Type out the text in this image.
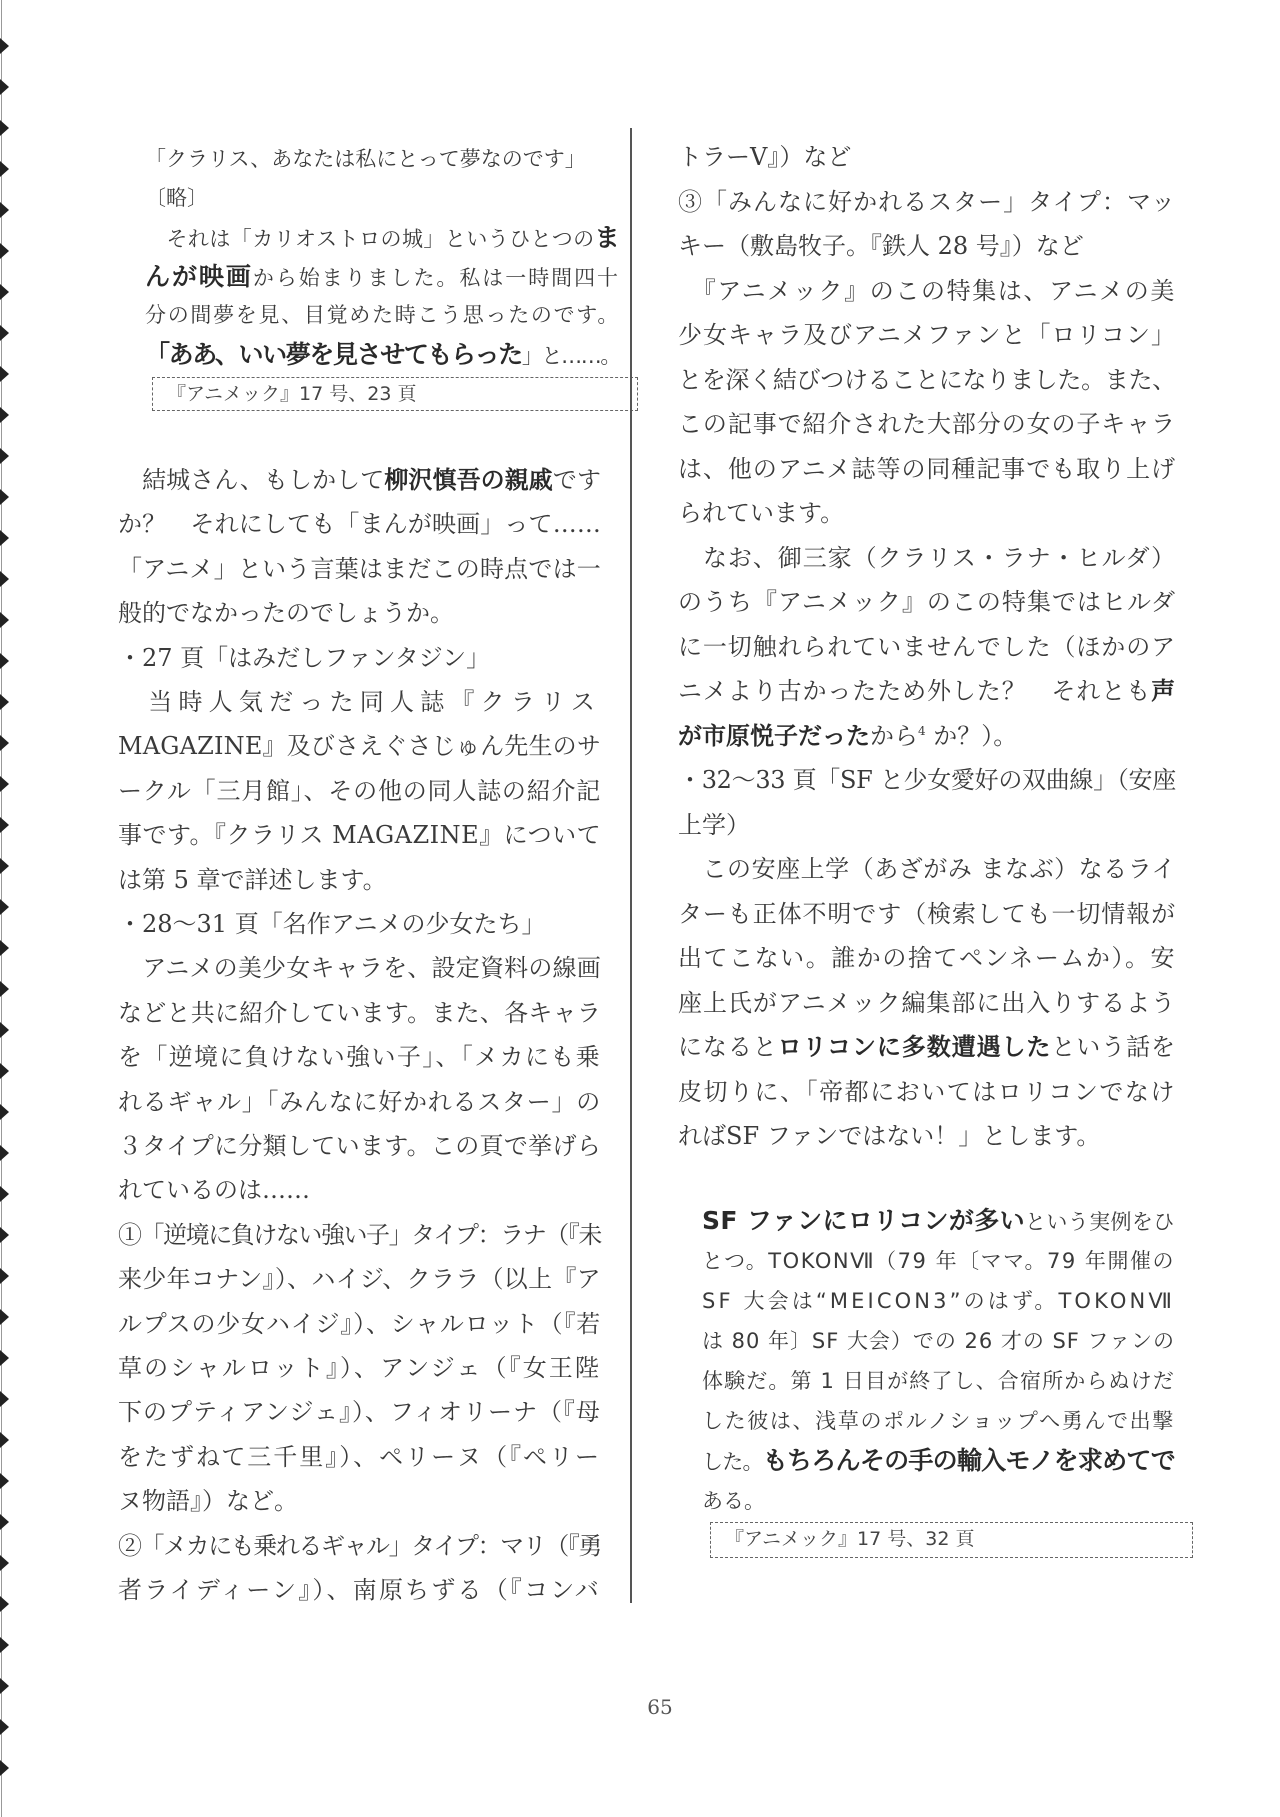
「クラリス、あなたは私にとって夢なのです」
〔略〕
　それは「カリオストロの城」というひとつのま
んが映画から始まりました。私は一時間四十
分の間夢を見、目覚めた時こう思ったのです。
「ああ、いい夢を見させてもらった」と……。
『アニメック』17 号、23 頁
　結城さん、もしかして柳沢慎吾の親戚です
か？　それにしても「まんが映画」って……
「アニメ」という言葉はまだこの時点では一
般的でなかったのでしょうか。
・27 頁「はみだしファンタジン」
　当時人気だった同人誌『クラリス
MAGAZINE』及びさえぐさじゅん先生のサ
ークル「三月館」、その他の同人誌の紹介記
事です。『クラリス MAGAZINE』について
は第 5 章で詳述します。
・28～31 頁「名作アニメの少女たち」
　アニメの美少女キャラを、設定資料の線画
などと共に紹介しています。また、各キャラ
を「逆境に負けない強い子」、「メカにも乗
れるギャル」「みんなに好かれるスター」の
３タイプに分類しています。この頁で挙げら
れているのは……
①「逆境に負けない強い子」タイプ：ラナ（『未
来少年コナン』）、ハイジ、クララ（以上『ア
ルプスの少女ハイジ』）、シャルロット（『若
草のシャルロット』）、アンジェ（『女王陛
下のプティアンジェ』）、フィオリーナ（『母
をたずねて三千里』）、ペリーヌ（『ペリー
ヌ物語』）など。
②「メカにも乗れるギャル」タイプ：マリ（『勇
者ライディーン』）、南原ちずる（『コンバ
トラーV』）など
③「みんなに好かれるスター」タイプ：マッ
キー（敷島牧子。『鉄人 28 号』）など
　『アニメック』のこの特集は、アニメの美
少女キャラ及びアニメファンと「ロリコン」
とを深く結びつけることになりました。また、
この記事で紹介された大部分の女の子キャラ
は、他のアニメ誌等の同種記事でも取り上げ
られています。
　なお、御三家（クラリス・ラナ・ヒルダ）
のうち『アニメック』のこの特集ではヒルダ
に一切触れられていませんでした（ほかのア
ニメより古かったため外した？　それとも声
が市原悦子だったから$^4$ か？）。
・32～33 頁「SF と少女愛好の双曲線」（安座
上学）
　この安座上学（あざがみ まなぶ）なるライ
ターも正体不明です（検索しても一切情報が
出てこない。誰かの捨てペンネームか）。安
座上氏がアニメック編集部に出入りするよう
になるとロリコンに多数遭遇したという話を
皮切りに、「帝都においてはロリコンでなけ
ればSF ファンではない！」とします。
SF ファンにロリコンが多いという実例をひ
とつ。TOKONⅦ（79 年〔ママ。79 年開催の
SF 大会は“MEICON3”のはず。TOKONⅦ
は 80 年〕SF 大会）での 26 才の SF ファンの
体験だ。第 1 日目が終了し、合宿所からぬけだ
した彼は、浅草のポルノショップへ勇んで出撃
した。もちろんその手の輸入モノを求めてで
ある。
『アニメック』17 号、32 頁
65
